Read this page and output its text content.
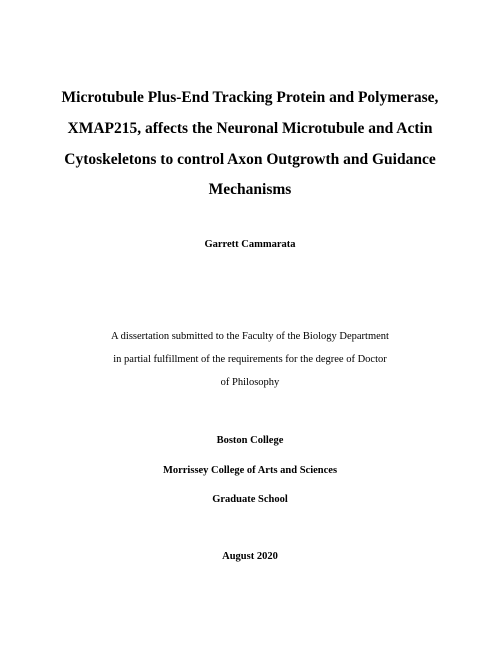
Microtubule Plus-End Tracking Protein and Polymerase,
XMAP215, affects the Neuronal Microtubule and Actin
Cytoskeletons to control Axon Outgrowth and Guidance
Mechanisms
Garrett Cammarata
A dissertation submitted to the Faculty of the Biology Department
in partial fulfillment of the requirements for the degree of Doctor
of Philosophy
Boston College
Morrissey College of Arts and Sciences
Graduate School
August 2020
